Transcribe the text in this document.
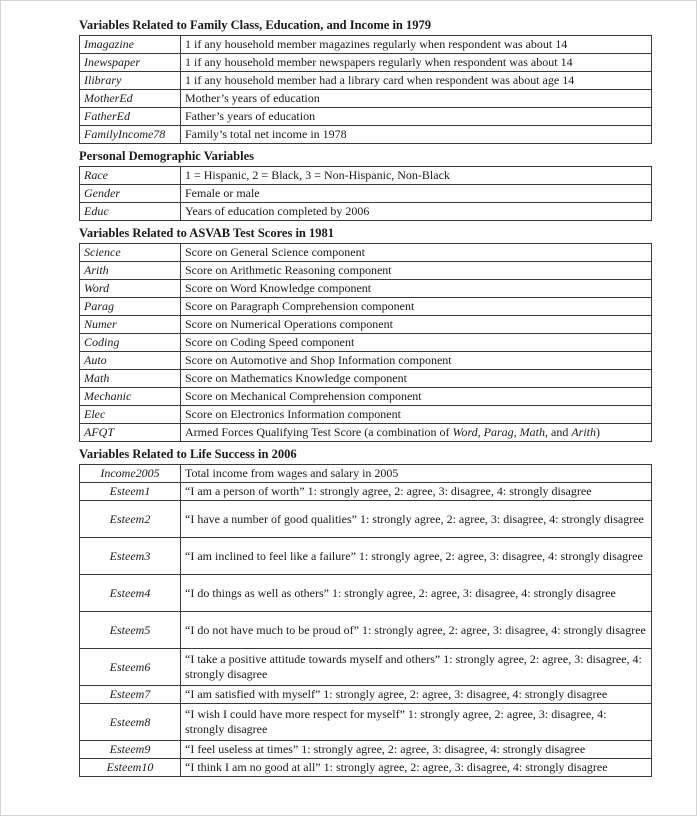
Variables Related to Family Class, Education, and Income in 1979
Imagazine	1 if any household member magazines regularly when respondent was about 14
Inewspaper	1 if any household member newspapers regularly when respondent was about 14
Ilibrary	1 if any household member had a library card when respondent was about age 14
MotherEd	Mother’s years of education
FatherEd	Father’s years of education
FamilyIncome78	Family’s total net income in 1978
Personal Demographic Variables
Race	1 = Hispanic, 2 = Black, 3 = Non-Hispanic, Non-Black
Gender	Female or male
Educ	Years of education completed by 2006
Variables Related to ASVAB Test Scores in 1981
Science	Score on General Science component
Arith	Score on Arithmetic Reasoning component
Word	Score on Word Knowledge component
Parag	Score on Paragraph Comprehension component
Numer	Score on Numerical Operations component
Coding	Score on Coding Speed component
Auto	Score on Automotive and Shop Information component
Math	Score on Mathematics Knowledge component
Mechanic	Score on Mechanical Comprehension component
Elec	Score on Electronics Information component
AFQT	Armed Forces Qualifying Test Score (a combination of Word, Parag, Math, and Arith)
Variables Related to Life Success in 2006
Income2005	Total income from wages and salary in 2005
Esteem1	“I am a person of worth” 1: strongly agree, 2: agree, 3: disagree, 4: strongly disagree
Esteem2	“I have a number of good qualities” 1: strongly agree, 2: agree, 3: disagree, 4: strongly disagree
Esteem3	“I am inclined to feel like a failure” 1: strongly agree, 2: agree, 3: disagree, 4: strongly disagree
Esteem4	“I do things as well as others” 1: strongly agree, 2: agree, 3: disagree, 4: strongly disagree
Esteem5	“I do not have much to be proud of” 1: strongly agree, 2: agree, 3: disagree, 4: strongly disagree
Esteem6	“I take a positive attitude towards myself and others” 1: strongly agree, 2: agree, 3: disagree, 4: strongly disagree
Esteem7	“I am satisfied with myself” 1: strongly agree, 2: agree, 3: disagree, 4: strongly disagree
Esteem8	“I wish I could have more respect for myself” 1: strongly agree, 2: agree, 3: disagree, 4: strongly disagree
Esteem9	“I feel useless at times” 1: strongly agree, 2: agree, 3: disagree, 4: strongly disagree
Esteem10	“I think I am no good at all” 1: strongly agree, 2: agree, 3: disagree, 4: strongly disagree
